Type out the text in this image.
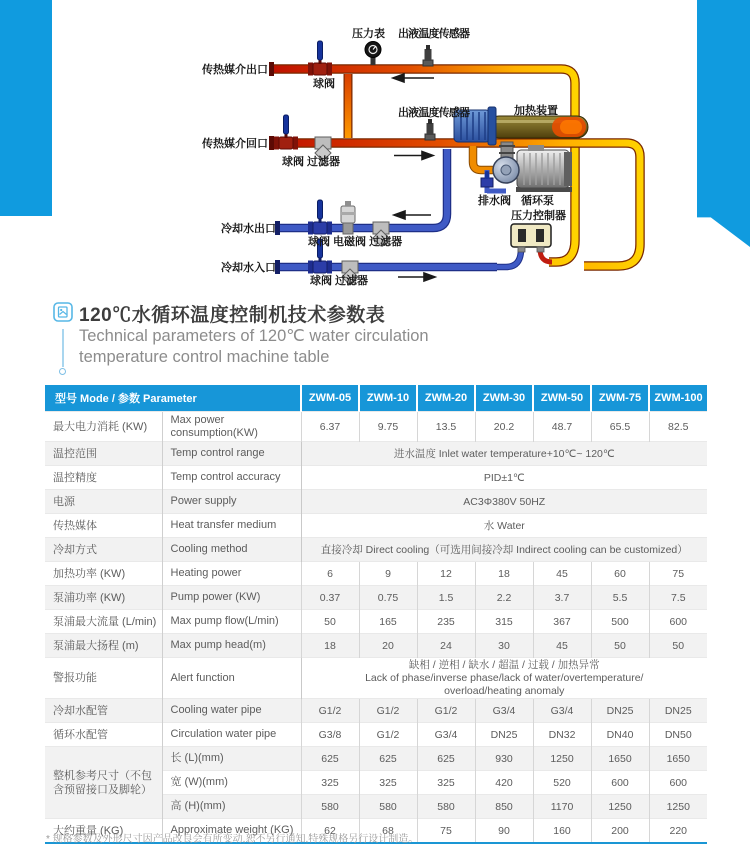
传热媒介出口
球阀
压力表 出液温度传感器
出液温度传感器	加热装置
传热媒介回口
球阀 过滤器
排水阀 循环泵
压力控制器
冷却水出口
球阀 电磁阀 过滤器
冷却水入口
球阀 过滤器
120℃水循环温度控制机技术参数表
Technical parameters of 120℃ water circulation
temperature control machine table
型号 Mode / 参数 Parameter		ZWM-05	ZWM-10	ZWM-20	ZWM-30	ZWM-50	ZWM-75	ZWM-100
最大电力消耗 (KW)	Max power consumption(KW)	6.37	9.75	13.5	20.2	48.7	65.5	82.5
温控范围	Temp control range	进水温度 Inlet water temperature+10℃~ 120℃						
温控精度	Temp control accuracy	PID±1℃						
电源	Power supply	AC3Φ380V 50HZ						
传热媒体	Heat transfer medium	水 Water						
冷却方式	Cooling method	直接冷却 Direct cooling（可选用间接冷却 Indirect cooling can be customized）						
加热功率 (KW)	Heating power	6	9	12	18	45	60	75
泵浦功率 (KW)	Pump power (KW)	0.37	0.75	1.5	2.2	3.7	5.5	7.5
泵浦最大流量 (L/min)	Max pump flow(L/min)	50	165	235	315	367	500	600
泵浦最大扬程 (m)	Max pump head(m)	18	20	24	30	45	50	50
警报功能	Alert function	缺相 / 逆相 / 缺水 / 超温 / 过载 / 加热异常
Lack of phase/inverse phase/lack of water/overtemperature/
overload/heating anomaly						

冷却水配管	Cooling water pipe	G1/2	G1/2	G1/2	G3/4	G3/4	DN25	DN25
循环水配管	Circulation water pipe	G3/8	G1/2	G3/4	DN25	DN32	DN40	DN50
整机参考尺寸（不包含预留接口及脚轮）	长 (L)(mm)	625	625	625	930	1250	1650	1650
	宽 (W)(mm)	325	325	325	420	520	600	600
	高 (H)(mm)	580	580	580	850	1170	1250	1250
大约重量 (KG)	Approximate weight (KG)	62	68	75	90	160	200	220
* 规格参数及外形尺寸因产品改良会有所变动,恕不另行通知,特殊规格另行设计制造。
